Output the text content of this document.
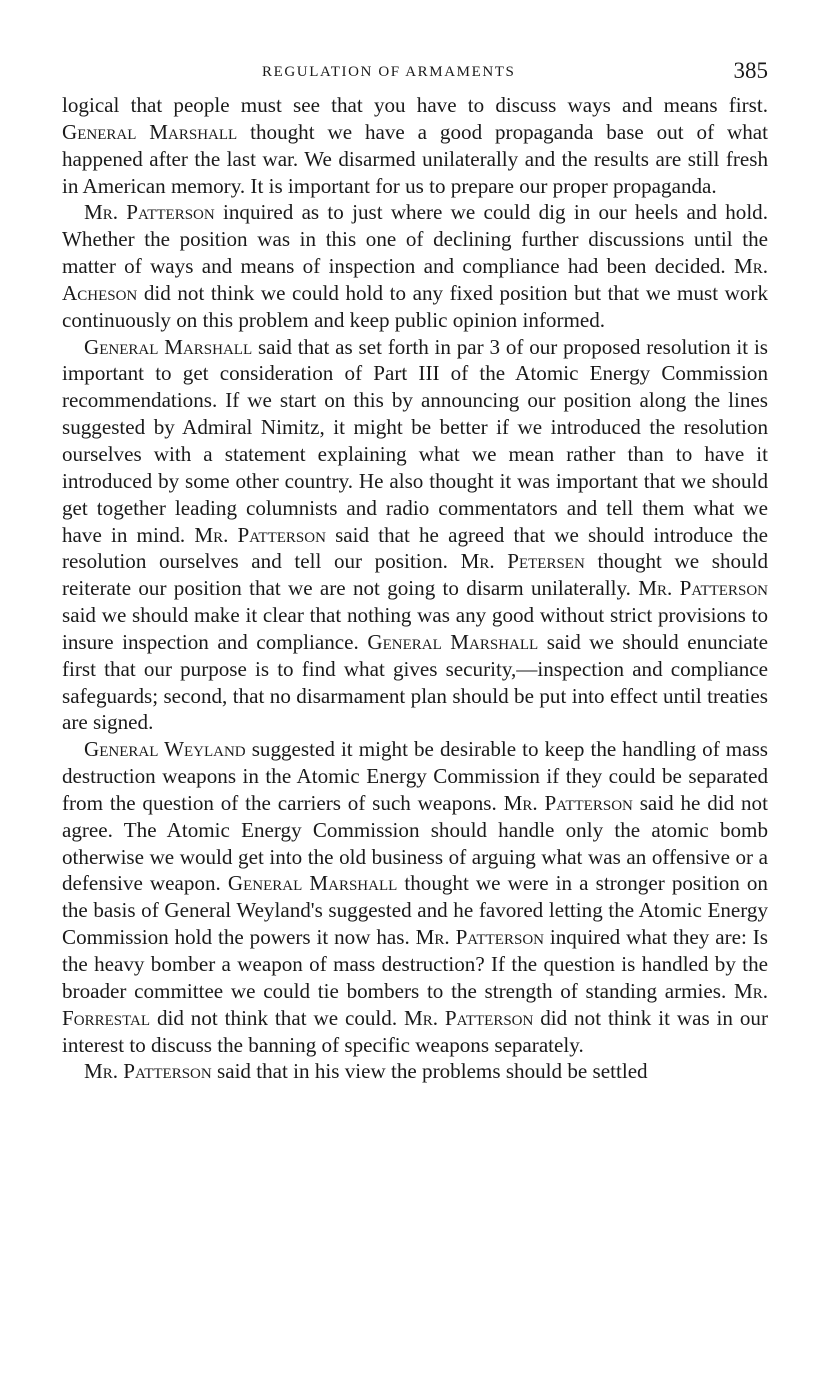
REGULATION OF ARMAMENTS	385

logical that people must see that you have to discuss ways and means first. General Marshall thought we have a good propaganda base out of what happened after the last war. We disarmed unilaterally and the results are still fresh in American memory. It is important for us to prepare our proper propaganda.

Mr. Patterson inquired as to just where we could dig in our heels and hold. Whether the position was in this one of declining further discussions until the matter of ways and means of inspection and compliance had been decided. Mr. Acheson did not think we could hold to any fixed position but that we must work continuously on this problem and keep public opinion informed.

General Marshall said that as set forth in par 3 of our proposed resolution it is important to get consideration of Part III of the Atomic Energy Commission recommendations. If we start on this by announcing our position along the lines suggested by Admiral Nimitz, it might be better if we introduced the resolution ourselves with a statement explaining what we mean rather than to have it introduced by some other country. He also thought it was important that we should get together leading columnists and radio commentators and tell them what we have in mind. Mr. Patterson said that he agreed that we should introduce the resolution ourselves and tell our position. Mr. Petersen thought we should reiterate our position that we are not going to disarm unilaterally. Mr. Patterson said we should make it clear that nothing was any good without strict provisions to insure inspection and compliance. General Marshall said we should enunciate first that our purpose is to find what gives security,—inspection and compliance safeguards; second, that no disarmament plan should be put into effect until treaties are signed.

General Weyland suggested it might be desirable to keep the handling of mass destruction weapons in the Atomic Energy Commission if they could be separated from the question of the carriers of such weapons. Mr. Patterson said he did not agree. The Atomic Energy Commission should handle only the atomic bomb otherwise we would get into the old business of arguing what was an offensive or a defensive weapon. General Marshall thought we were in a stronger position on the basis of General Weyland's suggested and he favored letting the Atomic Energy Commission hold the powers it now has. Mr. Patterson inquired what they are: Is the heavy bomber a weapon of mass destruction? If the question is handled by the broader committee we could tie bombers to the strength of standing armies. Mr. Forrestal did not think that we could. Mr. Patterson did not think it was in our interest to discuss the banning of specific weapons separately.

Mr. Patterson said that in his view the problems should be settled
